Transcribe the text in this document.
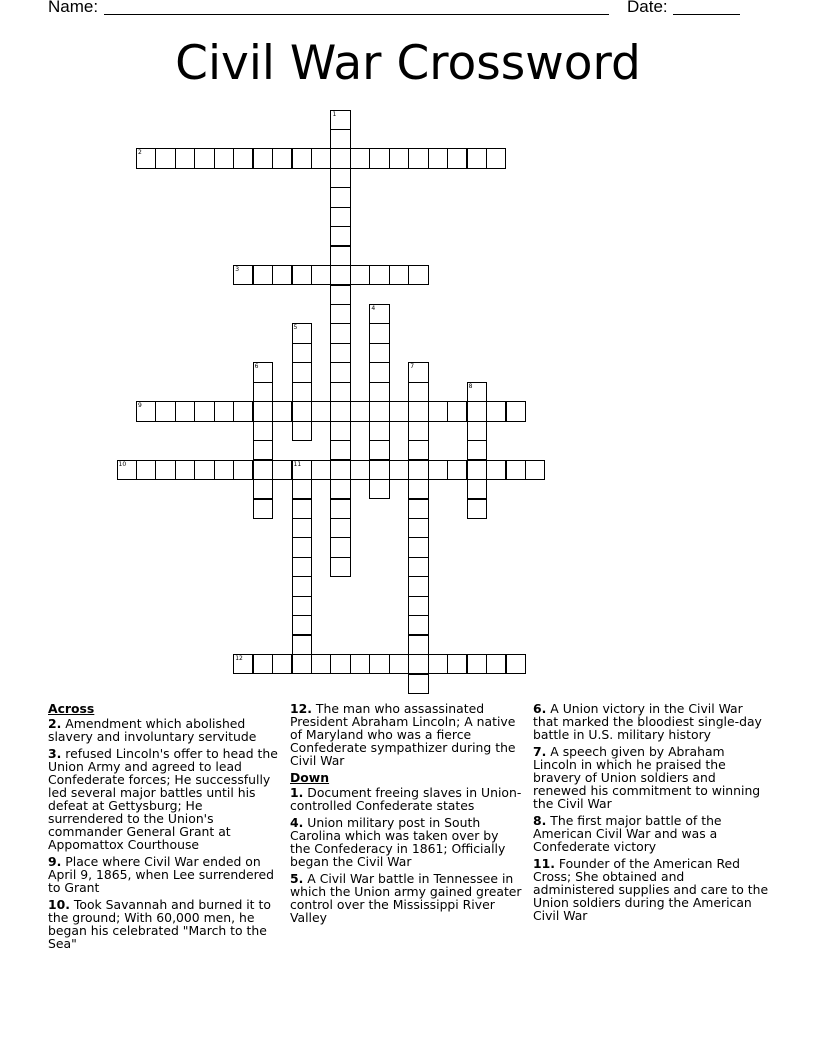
Name:

	Date:

Civil War Crossword
1
2
3
4
5
6	7
8
9
10	11
12
Across
2. Amendment which abolished slavery and involuntary servitude
3. refused Lincoln's offer to head the Union Army and agreed to lead Confederate forces; He successfully led several major battles until his defeat at Gettysburg; He surrendered to the Union's commander General Grant at Appomattox Courthouse
9. Place where Civil War ended on April 9, 1865, when Lee surrendered to Grant
10. Took Savannah and burned it to the ground; With 60,000 men, he began his celebrated "March to the Sea"
12. The man who assassinated President Abraham Lincoln; A native of Maryland who was a fierce Confederate sympathizer during the Civil War
Down
1. Document freeing slaves in Union-controlled Confederate states
4. Union military post in South Carolina which was taken over by the Confederacy in 1861; Officially began the Civil War
5. A Civil War battle in Tennessee in which the Union army gained greater control over the Mississippi River Valley
6. A Union victory in the Civil War that marked the bloodiest single-day battle in U.S. military history
7. A speech given by Abraham Lincoln in which he praised the bravery of Union soldiers and renewed his commitment to winning the Civil War
8. The first major battle of the American Civil War and was a Confederate victory
11. Founder of the American Red Cross; She obtained and administered supplies and care to the Union soldiers during the American Civil War
